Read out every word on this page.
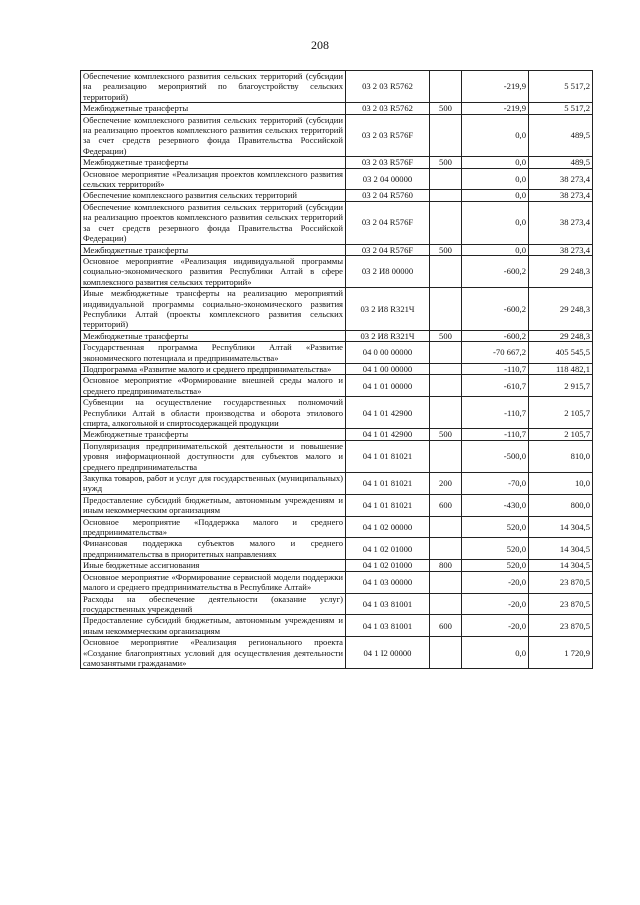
208
Обеспечение комплексного развития сельских территорий (субсидии на реализацию мероприятий по благоустройству сельских территорий)	03 2 03 R5762		-219,9	5 517,2
Межбюджетные трансферты	03 2 03 R5762	500	-219,9	5 517,2
Обеспечение комплексного развития сельских территорий (субсидии на реализацию проектов комплексного развития сельских территорий за счет средств резервного фонда Правительства Российской Федерации)	03 2 03 R576F		0,0	489,5
Межбюджетные трансферты	03 2 03 R576F	500	0,0	489,5
Основное мероприятие «Реализация проектов комплексного развития сельских территорий»	03 2 04 00000		0,0	38 273,4
Обеспечение комплексного развития сельских территорий	03 2 04 R5760		0,0	38 273,4
Обеспечение комплексного развития сельских территорий (субсидии на реализацию проектов комплексного развития сельских территорий за счет средств резервного фонда Правительства Российской Федерации)	03 2 04 R576F		0,0	38 273,4
Межбюджетные трансферты	03 2 04 R576F	500	0,0	38 273,4
Основное мероприятие «Реализация индивидуальной программы социально-экономического развития Республики Алтай в сфере комплексного развития сельских территорий»	03 2 И8 00000		-600,2	29 248,3
Иные межбюджетные трансферты на реализацию мероприятий индивидуальной программы социально-экономического развития Республики Алтай (проекты комплексного развития сельских территорий)	03 2 И8 R321Ч		-600,2	29 248,3
Межбюджетные трансферты	03 2 И8 R321Ч	500	-600,2	29 248,3
Государственная программа Республики Алтай «Развитие экономического потенциала и предпринимательства»	04 0 00 00000		-70 667,2	405 545,5
Подпрограмма «Развитие малого и среднего предпринимательства»	04 1 00 00000		-110,7	118 482,1
Основное мероприятие «Формирование внешней среды малого и среднего предпринимательства»	04 1 01 00000		-610,7	2 915,7
Субвенции на осуществление государственных полномочий Республики Алтай в области производства и оборота этилового спирта, алкогольной и спиртосодержащей продукции	04 1 01 42900		-110,7	2 105,7
Межбюджетные трансферты	04 1 01 42900	500	-110,7	2 105,7
Популяризация предпринимательской деятельности и повышение уровня информационной доступности для субъектов малого и среднего предпринимательства	04 1 01 81021		-500,0	810,0
Закупка товаров, работ и услуг для государственных (муниципальных) нужд	04 1 01 81021	200	-70,0	10,0
Предоставление субсидий бюджетным, автономным учреждениям и иным некоммерческим организациям	04 1 01 81021	600	-430,0	800,0
Основное мероприятие «Поддержка малого и среднего предпринимательства»	04 1 02 00000		520,0	14 304,5
Финансовая поддержка субъектов малого и среднего предпринимательства в приоритетных направлениях	04 1 02 01000		520,0	14 304,5
Иные бюджетные ассигнования	04 1 02 01000	800	520,0	14 304,5
Основное мероприятие «Формирование сервисной модели поддержки малого и среднего предпринимательства в Республике Алтай»	04 1 03 00000		-20,0	23 870,5
Расходы на обеспечение деятельности (оказание услуг) государственных учреждений	04 1 03 81001		-20,0	23 870,5
Предоставление субсидий бюджетным, автономным учреждениям и иным некоммерческим организациям	04 1 03 81001	600	-20,0	23 870,5
Основное мероприятие «Реализация регионального проекта «Создание благоприятных условий для осуществления деятельности самозанятыми гражданами»	04 1 I2 00000		0,0	1 720,9
